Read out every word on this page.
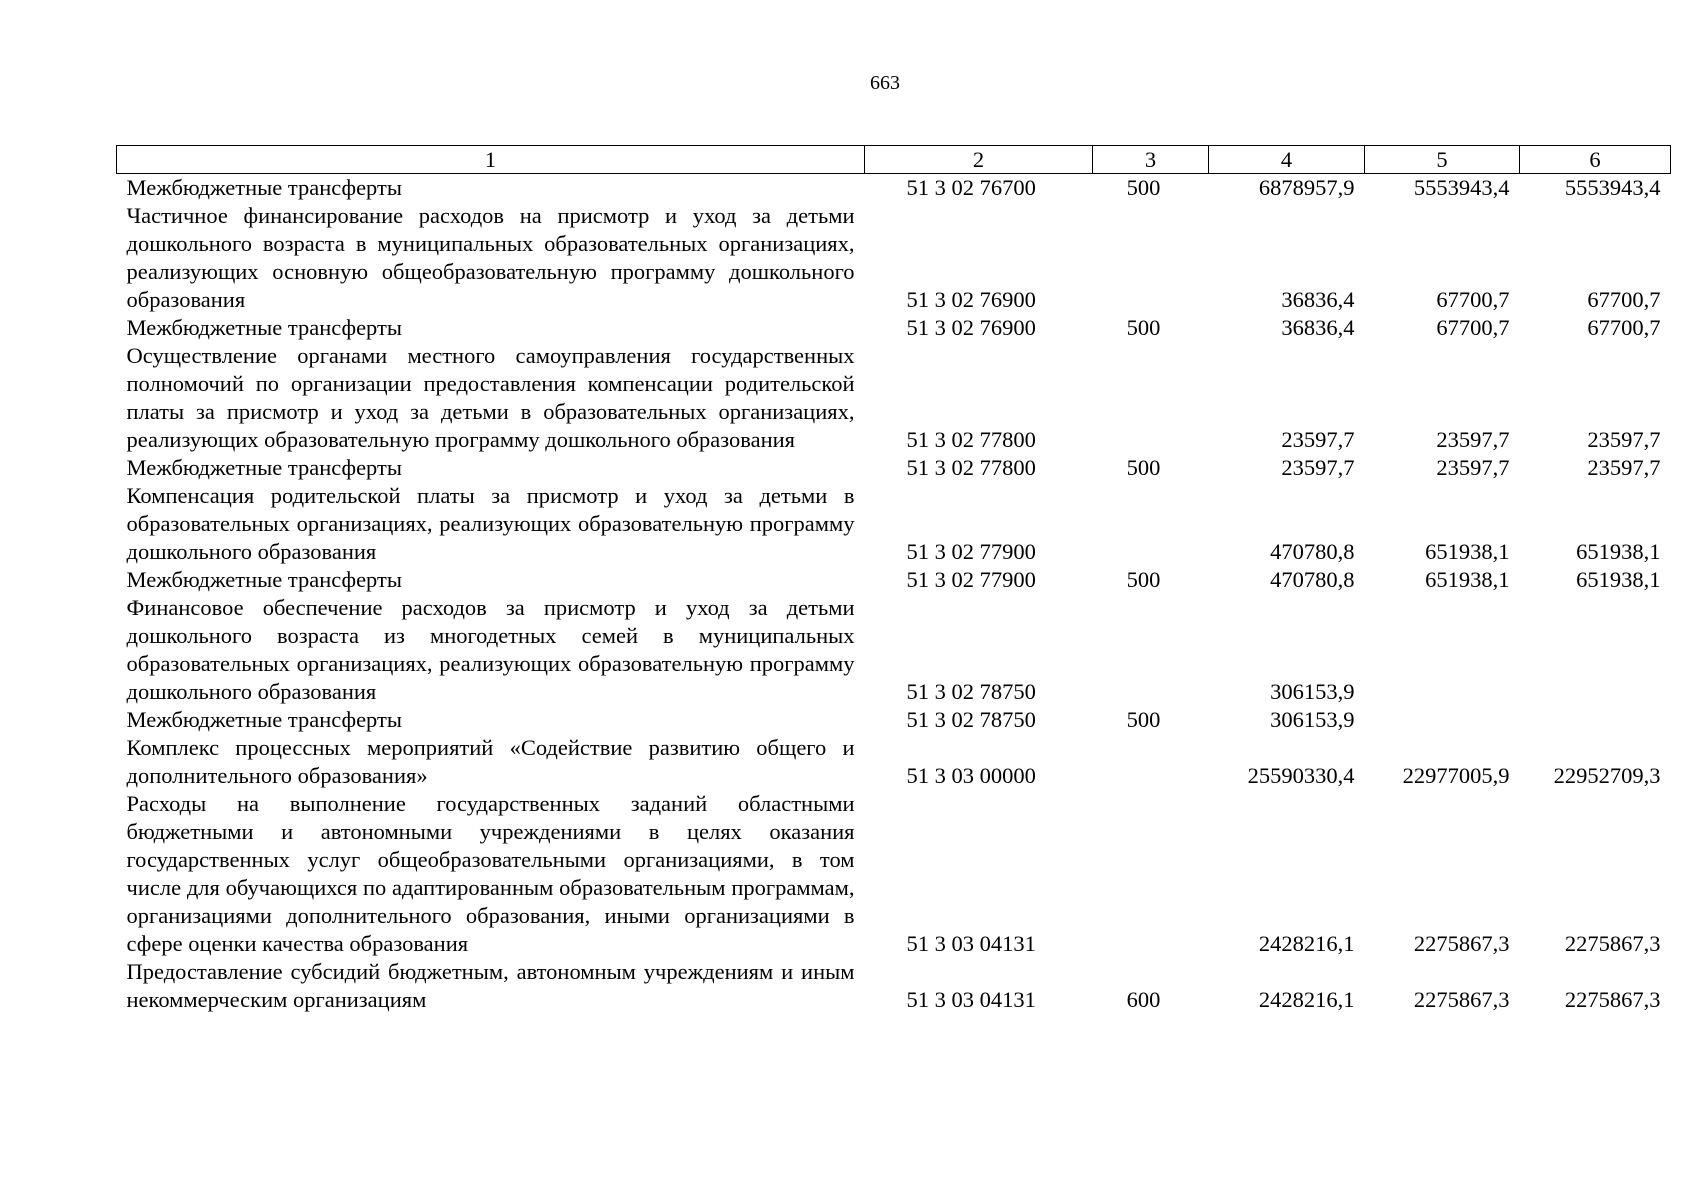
663
1	2	3	4	5	6
Межбюджетные трансферты	51 3 02 76700	500	6878957,9	5553943,4	5553943,4
Частичное финансирование расходов на присмотр и уход за детьми дошкольного возраста в муниципальных образовательных организациях, реализующих основную общеобразовательную программу дошкольного образования	51 3 02 76900		36836,4	67700,7	67700,7
Межбюджетные трансферты	51 3 02 76900	500	36836,4	67700,7	67700,7
Осуществление органами местного самоуправления государственных полномочий по организации предоставления компенсации родительской платы за присмотр и уход за детьми в образовательных организациях, реализующих образовательную программу дошкольного образования	51 3 02 77800		23597,7	23597,7	23597,7
Межбюджетные трансферты	51 3 02 77800	500	23597,7	23597,7	23597,7
Компенсация родительской платы за присмотр и уход за детьми в образовательных организациях, реализующих образовательную программу дошкольного образования	51 3 02 77900		470780,8	651938,1	651938,1
Межбюджетные трансферты	51 3 02 77900	500	470780,8	651938,1	651938,1
Финансовое обеспечение расходов за присмотр и уход за детьми дошкольного возраста из многодетных семей в муниципальных образовательных организациях, реализующих образовательную программу дошкольного образования	51 3 02 78750		306153,9		
Межбюджетные трансферты	51 3 02 78750	500	306153,9		
Комплекс процессных мероприятий «Содействие развитию общего и дополнительного образования»	51 3 03 00000		25590330,4	22977005,9	22952709,3
Расходы на выполнение государственных заданий областными бюджетными и автономными учреждениями в целях оказания государственных услуг общеобразовательными организациями, в том числе для обучающихся по адаптированным образовательным программам, организациями дополнительного образования, иными организациями в сфере оценки качества образования	51 3 03 04131		2428216,1	2275867,3	2275867,3
Предоставление субсидий бюджетным, автономным учреждениям и иным некоммерческим организациям	51 3 03 04131	600	2428216,1	2275867,3	2275867,3
